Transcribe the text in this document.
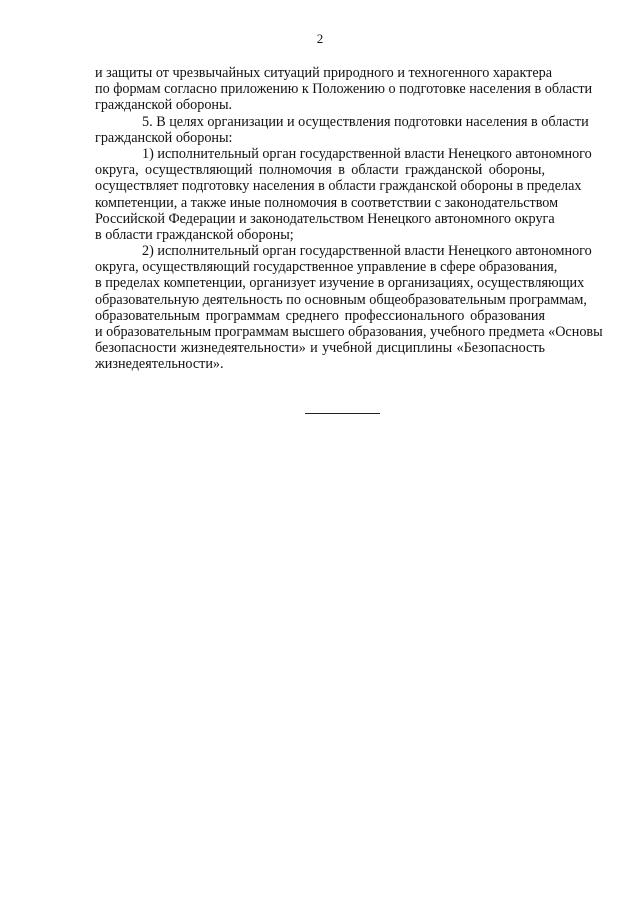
2
и защиты от чрезвычайных ситуаций природного и техногенного характера
по формам согласно приложению к Положению о подготовке населения в области
гражданской обороны.
5. В целях организации и осуществления подготовки населения в области
гражданской обороны:
1) исполнительный орган государственной власти Ненецкого автономного
округа, осуществляющий полномочия в области гражданской обороны,
осуществляет подготовку населения в области гражданской обороны в пределах
компетенции, а также иные полномочия в соответствии с законодательством
Российской Федерации и законодательством Ненецкого автономного округа
в области гражданской обороны;
2) исполнительный орган государственной власти Ненецкого автономного
округа, осуществляющий государственное управление в сфере образования,
в пределах компетенции, организует изучение в организациях, осуществляющих
образовательную деятельность по основным общеобразовательным программам,
образовательным программам среднего профессионального образования
и образовательным программам высшего образования, учебного предмета «Основы
безопасности жизнедеятельности» и учебной дисциплины «Безопасность
жизнедеятельности».
